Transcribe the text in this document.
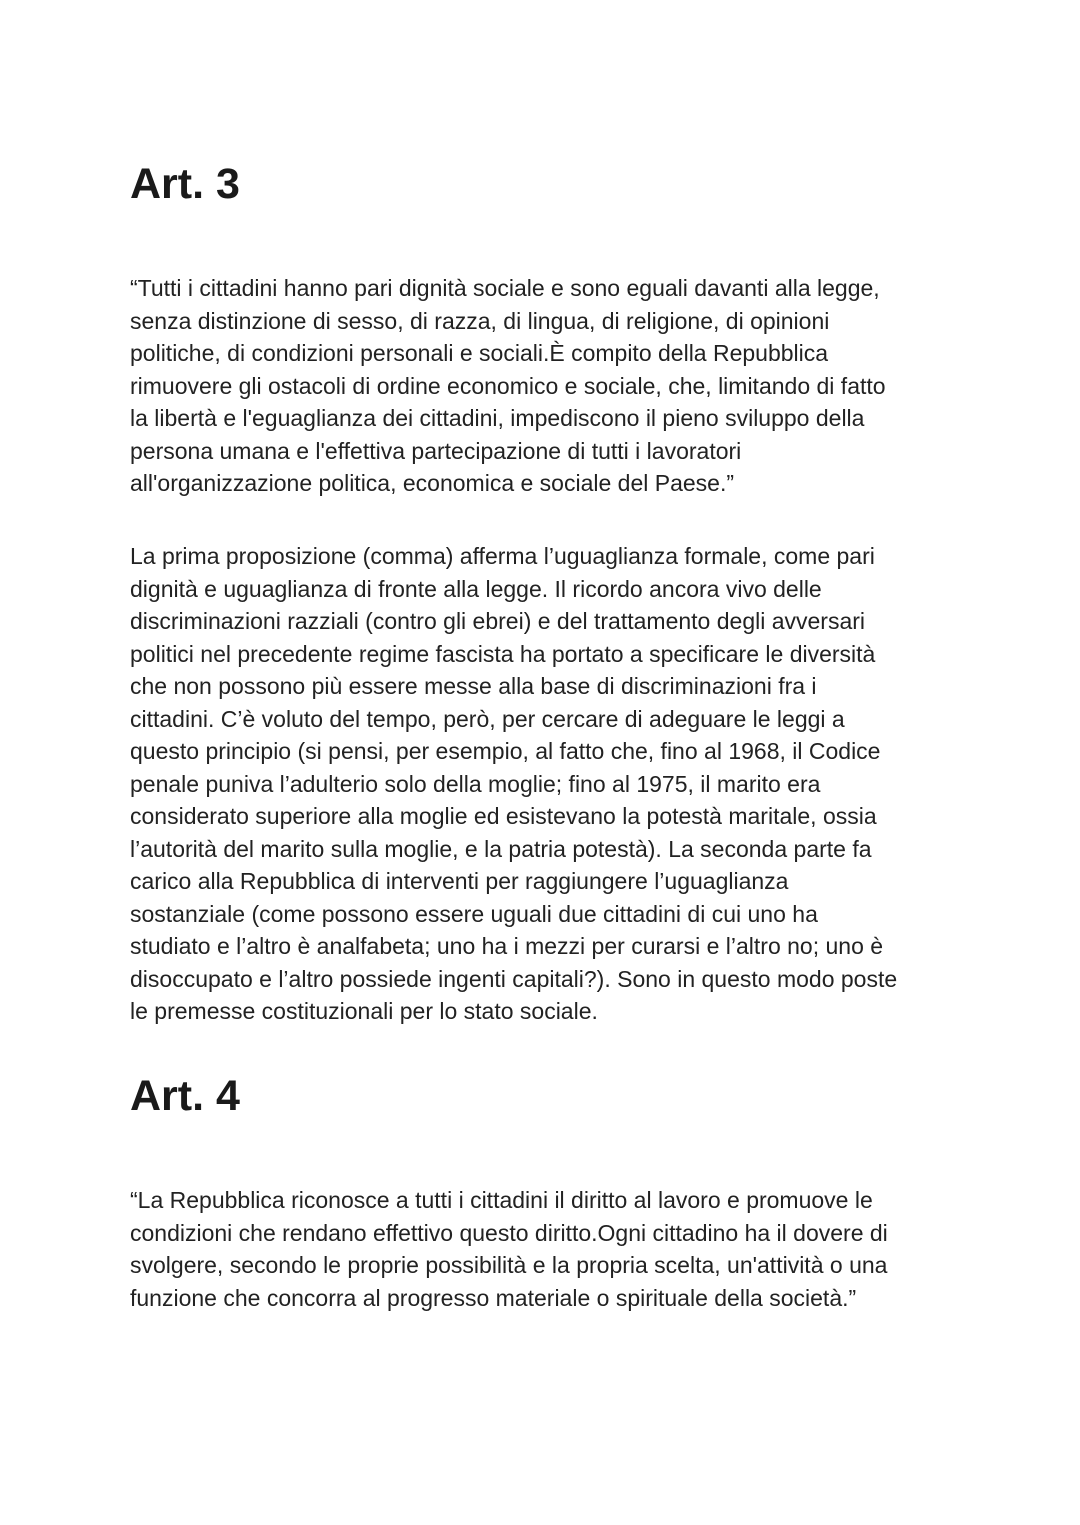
Art. 3

“Tutti i cittadini hanno pari dignità sociale e sono eguali davanti alla legge,
senza distinzione di sesso, di razza, di lingua, di religione, di opinioni
politiche, di condizioni personali e sociali.È compito della Repubblica
rimuovere gli ostacoli di ordine economico e sociale, che, limitando di fatto
la libertà e l'eguaglianza dei cittadini, impediscono il pieno sviluppo della
persona umana e l'effettiva partecipazione di tutti i lavoratori
all'organizzazione politica, economica e sociale del Paese.”

La prima proposizione (comma) afferma l’uguaglianza formale, come pari
dignità e uguaglianza di fronte alla legge. Il ricordo ancora vivo delle
discriminazioni razziali (contro gli ebrei) e del trattamento degli avversari
politici nel precedente regime fascista ha portato a specificare le diversità
che non possono più essere messe alla base di discriminazioni fra i
cittadini. C’è voluto del tempo, però, per cercare di adeguare le leggi a
questo principio (si pensi, per esempio, al fatto che, fino al 1968, il Codice
penale puniva l’adulterio solo della moglie; fino al 1975, il marito era
considerato superiore alla moglie ed esistevano la potestà maritale, ossia
l’autorità del marito sulla moglie, e la patria potestà). La seconda parte fa
carico alla Repubblica di interventi per raggiungere l’uguaglianza
sostanziale (come possono essere uguali due cittadini di cui uno ha
studiato e l’altro è analfabeta; uno ha i mezzi per curarsi e l’altro no; uno è
disoccupato e l’altro possiede ingenti capitali?). Sono in questo modo poste
le premesse costituzionali per lo stato sociale.

Art. 4

“La Repubblica riconosce a tutti i cittadini il diritto al lavoro e promuove le
condizioni che rendano effettivo questo diritto.Ogni cittadino ha il dovere di
svolgere, secondo le proprie possibilità e la propria scelta, un'attività o una
funzione che concorra al progresso materiale o spirituale della società.”
